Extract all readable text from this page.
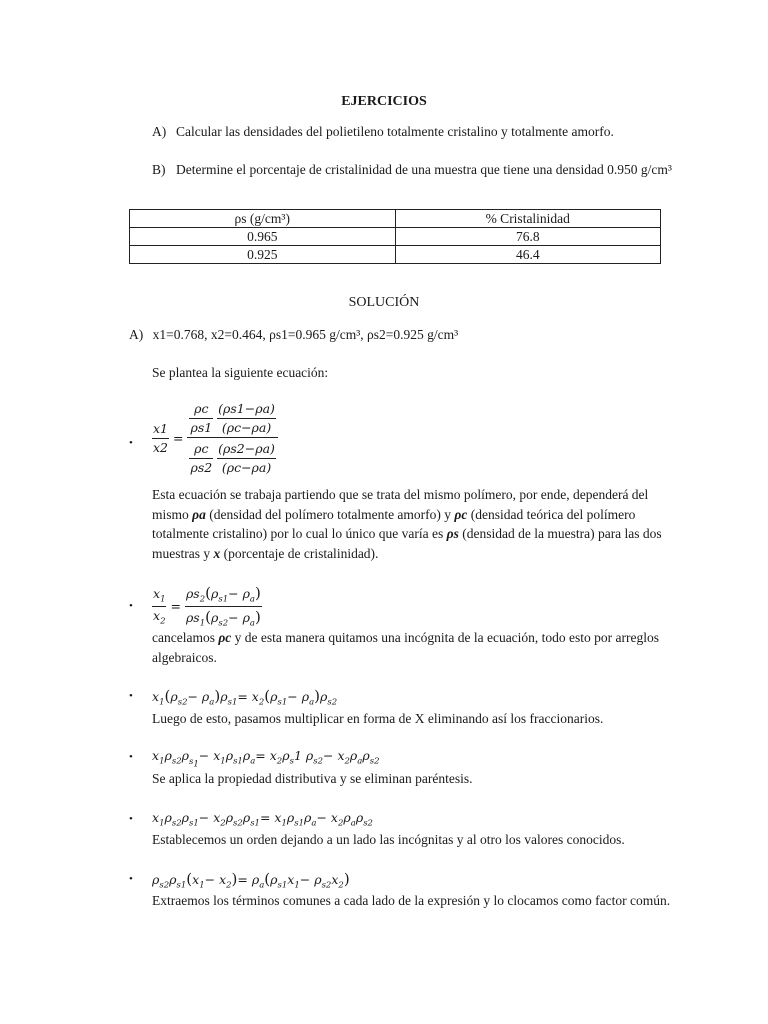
EJERCICIOS
A) Calcular las densidades del polietileno totalmente cristalino y totalmente amorfo.
B) Determine el porcentaje de cristalinidad de una muestra que tiene una densidad 0.950 g/cm³
ρs (g/cm³)	% Cristalinidad
0.965	76.8
0.925	46.4
SOLUCIÓN
A) x1=0.768, x2=0.464, ρs1=0.965 g/cm³, ρs2=0.925 g/cm³
Se plantea la siguiente ecuación:
• $\frac{x1}{x2} = \frac{\rho c}{\rho s1}$
$\frac{(\rho s1-\rho a)}{(\rho c-\rho a)}$
$\frac{\rho c}{\rho s2}$
$\frac{(\rho s2-\rho a)}{(\rho c-\rho a)}$
Esta ecuación se trabaja partiendo que se trata del mismo polímero, por ende, dependerá del mismo ρa (densidad del polímero totalmente amorfo) y ρc (densidad teórica del polímero totalmente cristalino) por lo cual lo único que varía es ρs (densidad de la muestra) para las dos muestras y x (porcentaje de cristalinidad).
• $\frac{x_1}{x_2} = \frac{\rho s_2(\rho_{s1}- \rho_a)}{\rho s_1(\rho_{s2}- \rho_a)}$
cancelamos ρc y de esta manera quitamos una incógnita de la ecuación, todo esto por arreglos algebraicos.
• $x_1(\rho_{s2}- \rho_a)\rho_{s1}= x_2(\rho_{s1}- \rho_a)\rho_{s2}$
Luego de esto, pasamos multiplicar en forma de X eliminando así los fraccionarios.
• $x_1\rho_{s2}\rho_{s_1}- x_1\rho_{s1}\rho_a= x_2\rho_s1$ $\rho_{s2}- x_2\rho_a\rho_{s2}$
Se aplica la propiedad distributiva y se eliminan paréntesis.
• $x_1\rho_{s2}\rho_{s1}- x_2\rho_{s2}\rho_{s1}= x_1\rho_{s1}\rho_a- x_2\rho_a\rho_{s2}$
Establecemos un orden dejando a un lado las incógnitas y al otro los valores conocidos.
• $\rho_{s2}\rho_{s1}(x_1- x_2)= \rho_a(\rho_{s1}x_1- \rho_{s2}x_2)$
Extraemos los términos comunes a cada lado de la expresión y lo clocamos como factor común.
